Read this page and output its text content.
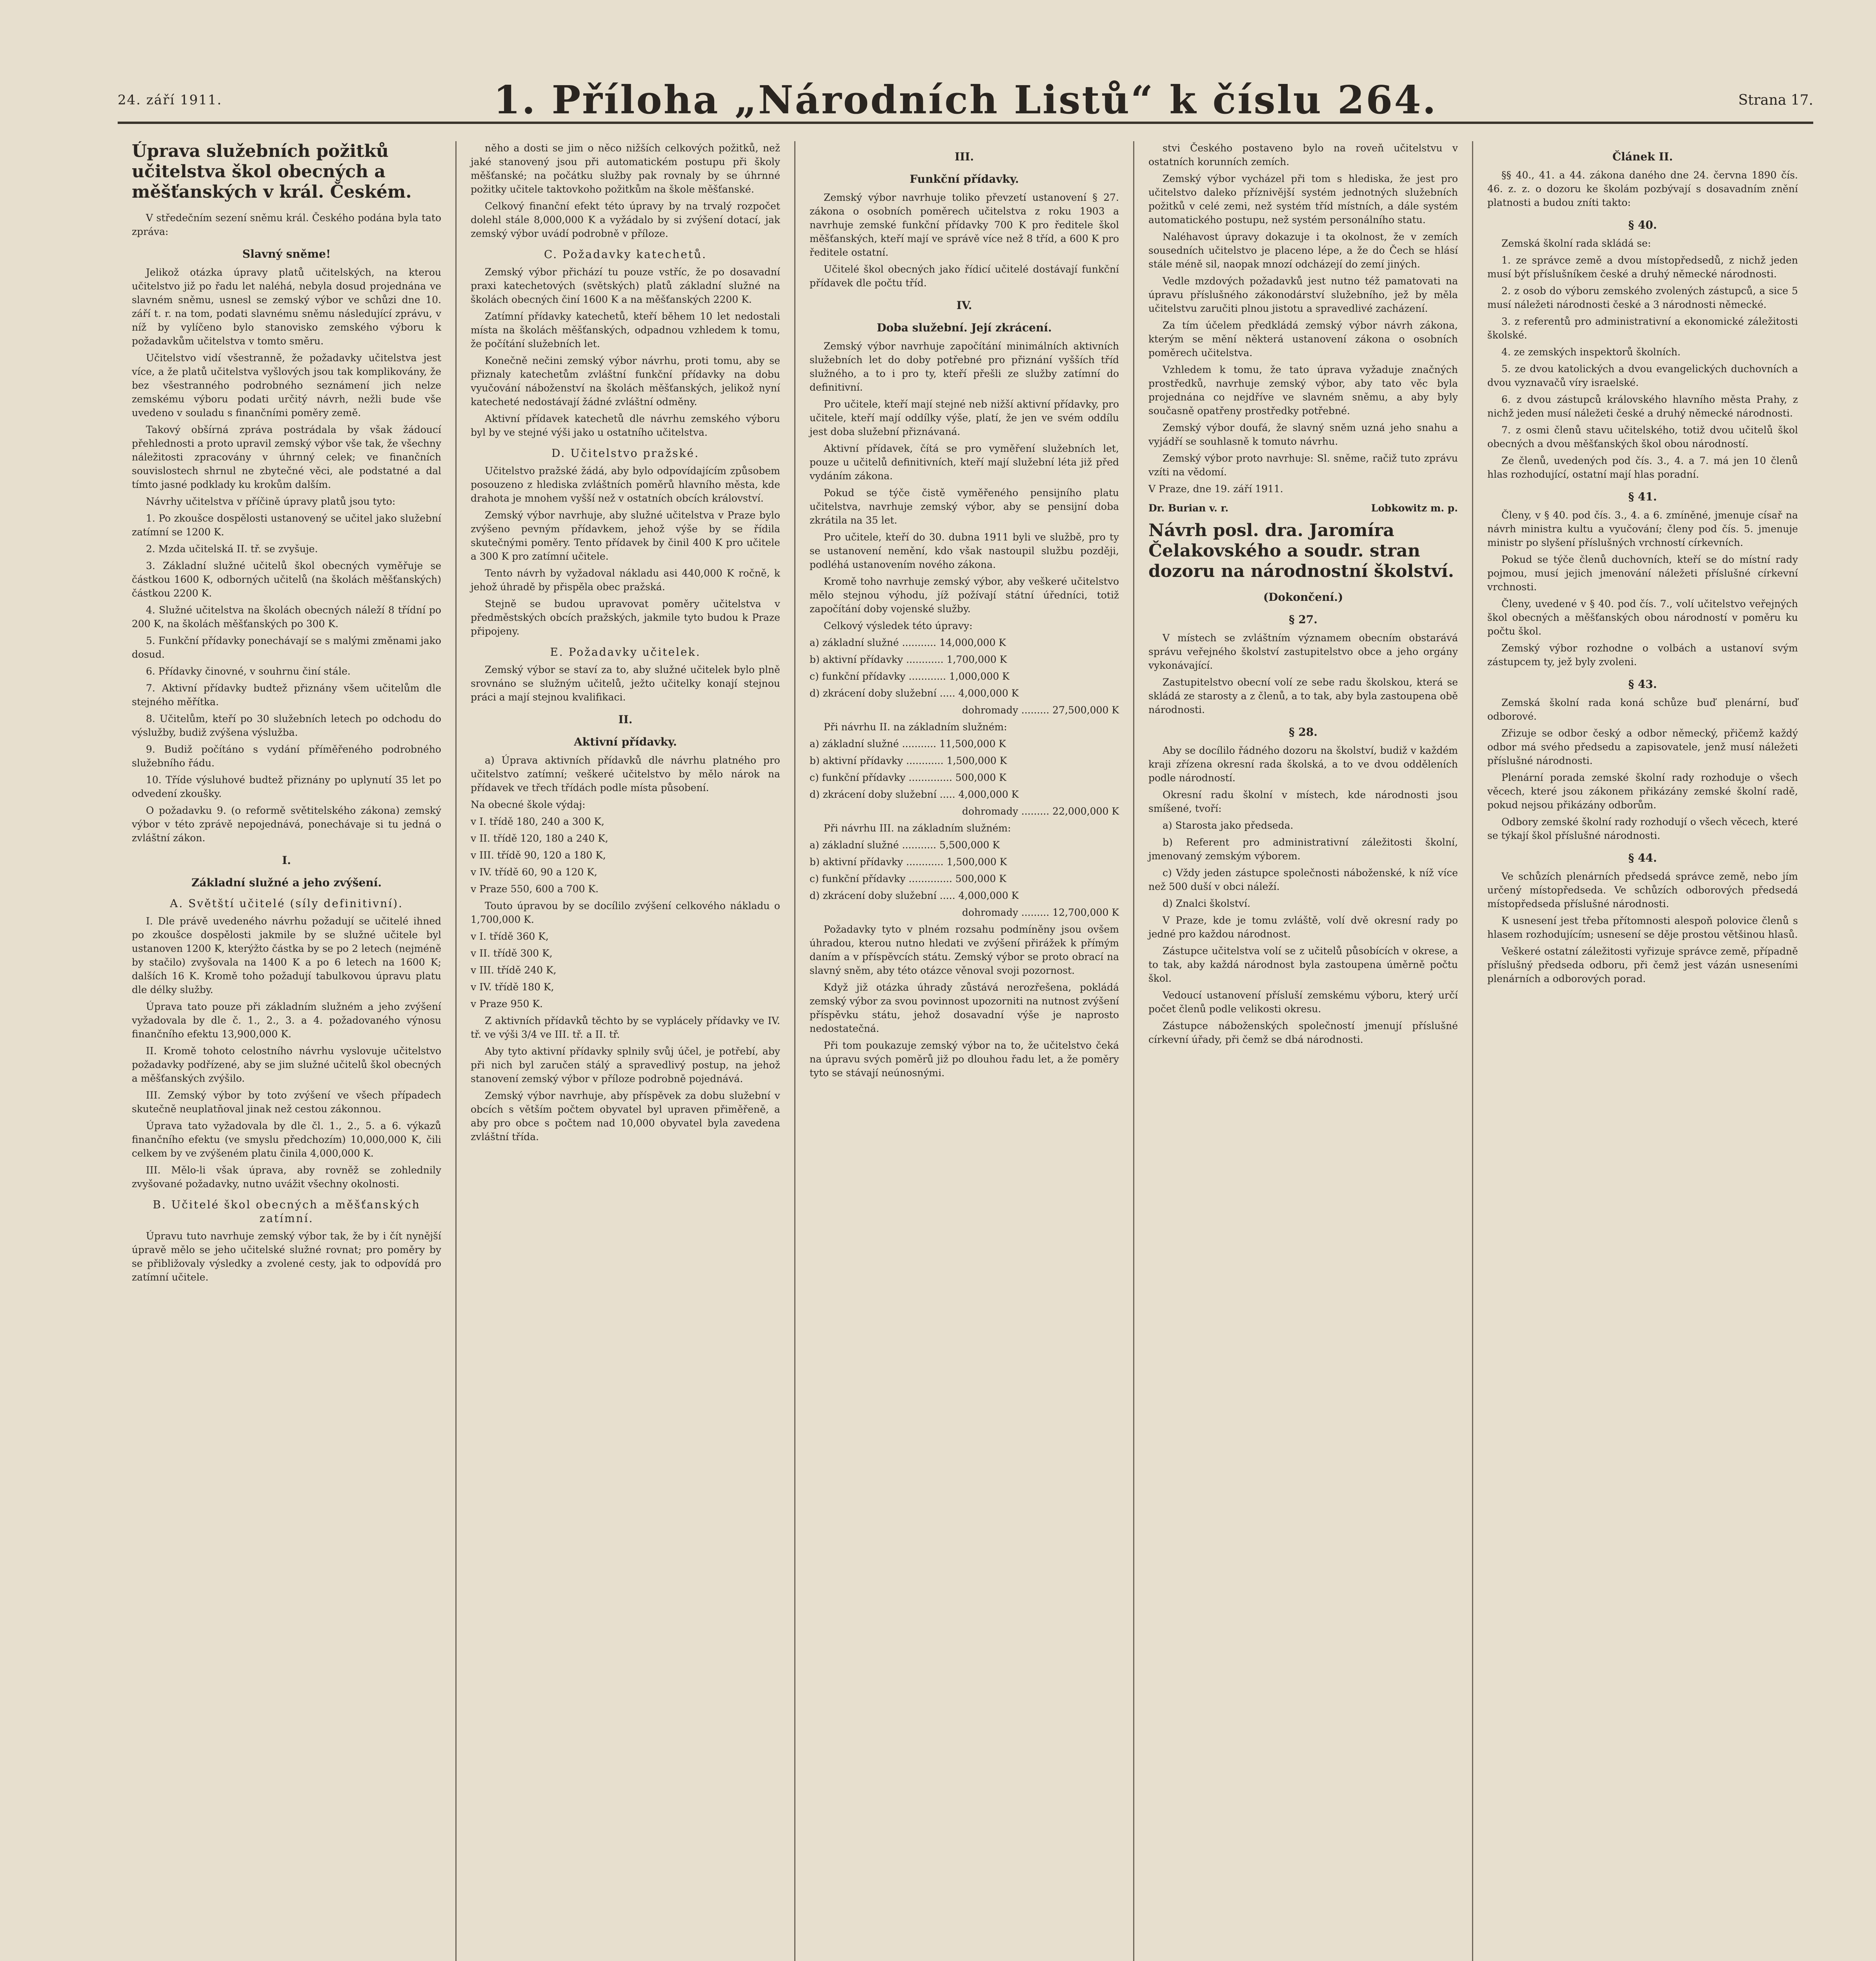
24. září 1911.	1. Příloha „Národních Listů“ k číslu 264.	Strana 17.
Úprava služebních požitků učitelstva škol obecných a měšťanských v král. Českém.

V středečním sezení sněmu král. Českého podána byla tato zpráva:

Slavný sněme!

Jelikož otázka úpravy platů učitelských, na kterou učitelstvo již po řadu let naléhá, nebyla dosud projednána ve slavném sněmu, usnesl se zemský výbor ve schůzi dne 10. září t. r. na tom, podati slavnému sněmu následující zprávu, v níž by vylíčeno bylo stanovisko zemského výboru k požadavkům učitelstva v tomto směru.

Učitelstvo vidí všestranně, že požadavky učitelstva jest více, a že platů učitelstva vyšlových jsou tak komplikovány, že bez všestranného podrobného seznámení jich nelze zemskému výboru podati určitý návrh, nežli bude vše uvedeno v souladu s finančními poměry země.

Takový obšírná zpráva postrádala by však žádoucí přehlednosti a proto upravil zemský výbor vše tak, že všechny náležitosti zpracovány v úhrnný celek; ve finančních souvislostech shrnul ne zbytečné věci, ale podstatné a dal tímto jasné podklady ku krokům dalším.

Návrhy učitelstva v příčině úpravy platů jsou tyto:

1. Po zkoušce dospělosti ustanovený se učitel jako služební zatímní se 1200 K.

2. Mzda učitelská II. tř. se zvyšuje.

3. Základní služné učitelů škol obecných vyměřuje se částkou 1600 K, odborných učitelů (na školách měšťanských) částkou 2200 K.

4. Služné učitelstva na školách obecných náleží 8 třídní po 200 K, na školách měšťanských po 300 K.

5. Funkční přídavky ponechávají se s malými změnami jako dosud.

6. Přídavky činovné, v souhrnu činí stále.

7. Aktivní přídavky budtež přiznány všem učitelům dle stejného měřítka.

8. Učitelům, kteří po 30 služebních letech po odchodu do výslužby, budiž zvýšena výslužba.

9. Budiž počítáno s vydání příměřeného podrobného služebního řádu.

10. Tříde výsluhové budtež přiznány po uplynutí 35 let po odvedení zkoušky.

O požadavku 9. (o reformě světitelského zákona) zemský výbor v této zprávě nepojednává, ponechávaje si tu jedná o zvláštní zákon.

I.
Základní služné a jeho zvýšení.
A. Světští učitelé (síly definitivní).

I. Dle právě uvedeného návrhu požadují se učitelé ihned po zkoušce dospělosti jakmile by se služné učitele byl ustanoven 1200 K, kterýžto částka by se po 2 letech (nejméně by stačilo) zvyšovala na 1400 K a po 6 letech na 1600 K; dalších 16 K. Kromě toho požadují tabulkovou úpravu platu dle délky služby.

Úprava tato pouze při základním služném a jeho zvýšení vyžadovala by dle č. 1., 2., 3. a 4. požadovaného výnosu finančního efektu 13,900,000 K.

II. Kromě tohoto celostního návrhu vyslovuje učitelstvo požadavky podřízené, aby se jim služné učitelů škol obecných a měšťanských zvýšilo.

III. Zemský výbor by toto zvýšení ve všech případech skutečně neuplatňoval jinak než cestou zákonnou.

Úprava tato vyžadovala by dle čl. 1., 2., 5. a 6. výkazů finančního efektu (ve smyslu předchozím) 10,000,000 K, čili celkem by ve zvýšeném platu činila 4,000,000 K.

III. Mělo-li však úprava, aby rovněž se zohlednily zvyšované požadavky, nutno uvážit všechny okolnosti.

B. Učitelé škol obecných a měšťanských zatímní.

Úpravu tuto navrhuje zemský výbor tak, že by i čít nynější úpravě mělo se jeho učitelské služné rovnat; pro poměry by se přibližovaly výsledky a zvolené cesty, jak to odpovídá pro zatímní učitele.

něho a dosti se jim o něco nižších celkových požitků, než jaké stanovený jsou při automatickém postupu při školy měšťanské; na počátku služby pak rovnaly by se úhrnné požitky učitele taktovkoho požitkům na škole měšťanské.

Celkový finanční efekt této úpravy by na trvalý rozpočet dolehl stále 8,000,000 K a vyžádalo by si zvýšení dotací, jak zemský výbor uvádí podrobně v příloze.

C. Požadavky katechetů.

Zemský výbor přichází tu pouze vstříc, že po dosavadní praxi katechetových (světských) platů základní služné na školách obecných činí 1600 K a na měšťanských 2200 K.

Zatímní přídavky katechetů, kteří během 10 let nedostali místa na školách měšťanských, odpadnou vzhledem k tomu, že počítání služebních let.

Konečně nečini zemský výbor návrhu, proti tomu, aby se přiznaly katechetům zvláštní funkční přídavky na dobu vyučování náboženství na školách měšťanských, jelikož nyní katecheté nedostávají žádné zvláštní odměny.

Aktivní přídavek katechetů dle návrhu zemského výboru byl by ve stejné výši jako u ostatního učitelstva.

D. Učitelstvo pražské.

Učitelstvo pražské žádá, aby bylo odpovídajícím způsobem posouzeno z hlediska zvláštních poměrů hlavního města, kde drahota je mnohem vyšší než v ostatních obcích království.

Zemský výbor navrhuje, aby služné učitelstva v Praze bylo zvýšeno pevným přídavkem, jehož výše by se řídila skutečnými poměry. Tento přídavek by činil 400 K pro učitele a 300 K pro zatímní učitele.

Tento návrh by vyžadoval nákladu asi 440,000 K ročně, k jehož úhradě by přispěla obec pražská.

Stejně se budou upravovat poměry učitelstva v předměstských obcích pražských, jakmile tyto budou k Praze připojeny.

E. Požadavky učitelek.

Zemský výbor se staví za to, aby služné učitelek bylo plně srovnáno se služným učitelů, ježto učitelky konají stejnou práci a mají stejnou kvalifikaci.

II.
Aktivní přídavky.

a) Úprava aktivních přídavků dle návrhu platného pro učitelstvo zatímní; veškeré učitelstvo by mělo nárok na přídavek ve třech třídách podle místa působení.

Na obecné škole výdaj:

v I. třídě 180, 240 a 300 K,

v II. třídě 120, 180 a 240 K,

v III. třídě 90, 120 a 180 K,

v IV. třídě 60, 90 a 120 K,

v Praze 550, 600 a 700 K.

Touto úpravou by se docílilo zvýšení celkového nákladu o 1,700,000 K.

v I. třídě 360 K,

v II. třídě 300 K,

v III. třídě 240 K,

v IV. třídě 180 K,

v Praze 950 K.

Z aktivních přídavků těchto by se vyplácely přídavky ve IV. tř. ve výši 3/4 ve III. tř. a II. tř.

Aby tyto aktivní přídavky splnily svůj účel, je potřebí, aby při nich byl zaručen stálý a spravedlivý postup, na jehož stanovení zemský výbor v příloze podrobně pojednává.

Zemský výbor navrhuje, aby příspěvek za dobu služební v obcích s větším počtem obyvatel byl upraven přiměřeně, a aby pro obce s počtem nad 10,000 obyvatel byla zavedena zvláštní třída.

III.
Funkční přídavky.

Zemský výbor navrhuje toliko převzetí ustanovení § 27. zákona o osobních poměrech učitelstva z roku 1903 a navrhuje zemské funkční přídavky 700 K pro ředitele škol měšťanských, kteří mají ve správě více než 8 tříd, a 600 K pro ředitele ostatní.

Učitelé škol obecných jako řídicí učitelé dostávají funkční přídavek dle počtu tříd.

IV.
Doba služební. Její zkrácení.

Zemský výbor navrhuje započítání minimálních aktivních služebních let do doby potřebné pro přiznání vyšších tříd služného, a to i pro ty, kteří přešli ze služby zatímní do definitivní.

Pro učitele, kteří mají stejné neb nižší aktivní přídavky, pro učitele, kteří mají oddílky výše, platí, že jen ve svém oddílu jest doba služební přiznávaná.

Aktivní přídavek, čítá se pro vyměření služebních let, pouze u učitelů definitivních, kteří mají služební léta již před vydáním zákona.

Pokud se týče čistě vyměřeného pensijního platu učitelstva, navrhuje zemský výbor, aby se pensijní doba zkrátila na 35 let.

Pro učitele, kteří do 30. dubna 1911 byli ve službě, pro ty se ustanovení nemění, kdo však nastoupil službu později, podléhá ustanovením nového zákona.

Kromě toho navrhuje zemský výbor, aby veškeré učitelstvo mělo stejnou výhodu, jíž požívají státní úředníci, totiž započítání doby vojenské služby.

Celkový výsledek této úpravy:

a) základní služné ........... 14,000,000 K

b) aktivní přídavky ............ 1,700,000 K

c) funkční přídavky ............ 1,000,000 K

d) zkrácení doby služební ..... 4,000,000 K

dohromady ......... 27,500,000 K

Při návrhu II. na základním služném:

a) základní služné ........... 11,500,000 K

b) aktivní přídavky ............ 1,500,000 K

c) funkční přídavky .............. 500,000 K

d) zkrácení doby služební ..... 4,000,000 K

dohromady ......... 22,000,000 K

Při návrhu III. na základním služném:

a) základní služné ........... 5,500,000 K

b) aktivní přídavky ............ 1,500,000 K

c) funkční přídavky .............. 500,000 K

d) zkrácení doby služební ..... 4,000,000 K

dohromady ......... 12,700,000 K

Požadavky tyto v plném rozsahu podmíněny jsou ovšem úhradou, kterou nutno hledati ve zvýšení přirážek k přímým daním a v příspěvcích státu. Zemský výbor se proto obrací na slavný sněm, aby této otázce věnoval svoji pozornost.

Když již otázka úhrady zůstává nerozřešena, pokládá zemský výbor za svou povinnost upozorniti na nutnost zvýšení příspěvku státu, jehož dosavadní výše je naprosto nedostatečná.

Při tom poukazuje zemský výbor na to, že učitelstvo čeká na úpravu svých poměrů již po dlouhou řadu let, a že poměry tyto se stávají neúnosnými.

stvi Českého postaveno bylo na roveň učitelstvu v ostatních korunních zemích.

Zemský výbor vycházel při tom s hlediska, že jest pro učitelstvo daleko příznivější systém jednotných služebních požitků v celé zemi, než systém tříd místních, a dále systém automatického postupu, než systém personálního statu.

Naléhavost úpravy dokazuje i ta okolnost, že v zemích sousedních učitelstvo je placeno lépe, a že do Čech se hlásí stále méně sil, naopak mnozí odcházejí do zemí jiných.

Vedle mzdových požadavků jest nutno též pamatovati na úpravu příslušného zákonodárství služebního, jež by měla učitelstvu zaručiti plnou jistotu a spravedlivé zacházení.

Za tím účelem předkládá zemský výbor návrh zákona, kterým se mění některá ustanovení zákona o osobních poměrech učitelstva.

Vzhledem k tomu, že tato úprava vyžaduje značných prostředků, navrhuje zemský výbor, aby tato věc byla projednána co nejdříve ve slavném sněmu, a aby byly současně opatřeny prostředky potřebné.

Zemský výbor doufá, že slavný sněm uzná jeho snahu a vyjádří se souhlasně k tomuto návrhu.

Zemský výbor proto navrhuje: Sl. sněme, račiž tuto zprávu vzíti na vědomí.

V Praze, dne 19. září 1911.

Dr. Burian v. r.	Lobkowitz m. p.
Návrh posl. dra. Jaromíra Čelakovského a soudr. stran dozoru na národnostní školství.
(Dokončení.)
§ 27.

V místech se zvláštním významem obecním obstarává správu veřejného školství zastupitelstvo obce a jeho orgány vykonávající.

Zastupitelstvo obecní volí ze sebe radu školskou, která se skládá ze starosty a z členů, a to tak, aby byla zastoupena obě národnosti.

§ 28.

Aby se docílilo řádného dozoru na školství, budiž v každém kraji zřízena okresní rada školská, a to ve dvou odděleních podle národností.

Okresní radu školní v místech, kde národnosti jsou smíšené, tvoří:

a) Starosta jako předseda.

b) Referent pro administrativní záležitosti školní, jmenovaný zemským výborem.

c) Vždy jeden zástupce společnosti náboženské, k níž více než 500 duší v obci náleží.

d) Znalci školství.

V Praze, kde je tomu zvláště, volí dvě okresní rady po jedné pro každou národnost.

Zástupce učitelstva volí se z učitelů působících v okrese, a to tak, aby každá národnost byla zastoupena úměrně počtu škol.

Vedoucí ustanovení přísluší zemskému výboru, který určí počet členů podle velikosti okresu.

Zástupce náboženských společností jmenují příslušné církevní úřady, při čemž se dbá národnosti.

Článek II.

§§ 40., 41. a 44. zákona daného dne 24. června 1890 čís. 46. z. z. o dozoru ke školám pozbývají s dosavadním znění platnosti a budou zníti takto:

§ 40.

Zemská školní rada skládá se:

1. ze správce země a dvou místopředsedů, z nichž jeden musí být příslušníkem české a druhý německé národnosti.

2. z osob do výboru zemského zvolených zástupců, a sice 5 musí náležeti národnosti české a 3 národnosti německé.

3. z referentů pro administrativní a ekonomické záležitosti školské.

4. ze zemských inspektorů školních.

5. ze dvou katolických a dvou evangelických duchovních a dvou vyznavačů víry israelské.

6. z dvou zástupců královského hlavního města Prahy, z nichž jeden musí náležeti české a druhý německé národnosti.

7. z osmi členů stavu učitelského, totiž dvou učitelů škol obecných a dvou měšťanských škol obou národností.

Ze členů, uvedených pod čís. 3., 4. a 7. má jen 10 členů hlas rozhodující, ostatní mají hlas poradní.

§ 41.

Členy, v § 40. pod čís. 3., 4. a 6. zmíněné, jmenuje císař na návrh ministra kultu a vyučování; členy pod čís. 5. jmenuje ministr po slyšení příslušných vrchností církevních.

Pokud se týče členů duchovních, kteří se do místní rady pojmou, musí jejich jmenování náležeti příslušné církevní vrchnosti.

Členy, uvedené v § 40. pod čís. 7., volí učitelstvo veřejných škol obecných a měšťanských obou národností v poměru ku počtu škol.

Zemský výbor rozhodne o volbách a ustanoví svým zástupcem ty, jež byly zvoleni.

§ 43.

Zemská školní rada koná schůze buď plenární, buď odborové.

Zřizuje se odbor český a odbor německý, přičemž každý odbor má svého předsedu a zapisovatele, jenž musí náležeti příslušné národnosti.

Plenární porada zemské školní rady rozhoduje o všech věcech, které jsou zákonem přikázány zemské školní radě, pokud nejsou přikázány odborům.

Odbory zemské školní rady rozhodují o všech věcech, které se týkají škol příslušné národnosti.

§ 44.

Ve schůzích plenárních předsedá správce země, nebo jím určený místopředseda. Ve schůzích odborových předsedá místopředseda příslušné národnosti.

K usnesení jest třeba přítomnosti alespoň polovice členů s hlasem rozhodujícím; usnesení se děje prostou většinou hlasů.

Veškeré ostatní záležitosti vyřizuje správce země, případně příslušný předseda odboru, při čemž jest vázán usneseními plenárních a odborových porad.
